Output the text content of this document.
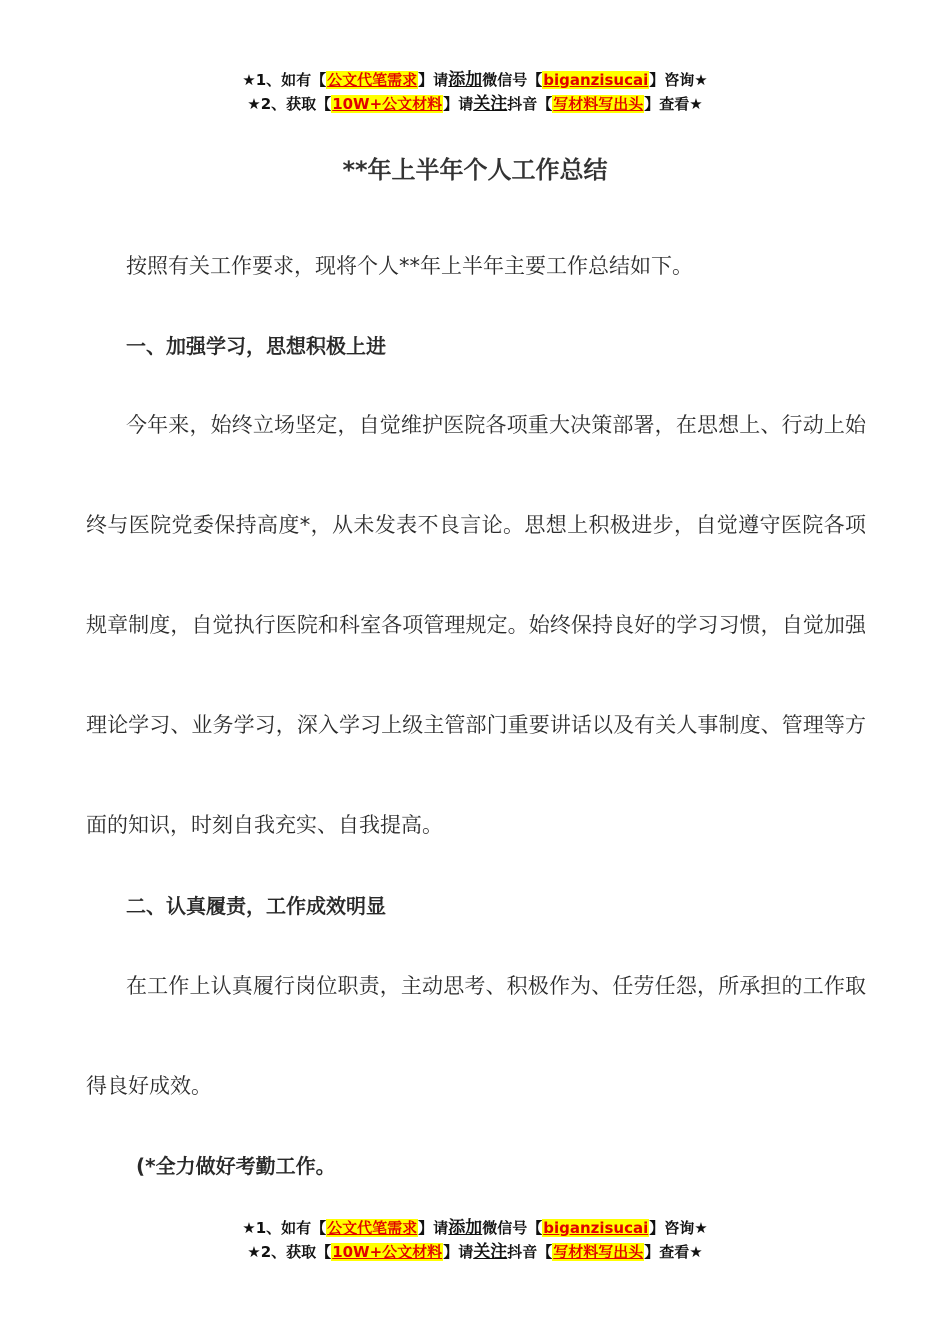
★1、如有【公文代笔需求】请添加微信号【biganzisucai】咨询★
★2、获取【10W+公文材料】请关注抖音【写材料写出头】查看★
**年上半年个人工作总结

按照有关工作要求，现将个人**年上半年主要工作总结如下。

一、加强学习，思想积极上进

今年来，始终立场坚定，自觉维护医院各项重大决策部署，在思想上、行动上始终与医院党委保持高度*，从未发表不良言论。思想上积极进步，自觉遵守医院各项规章制度，自觉执行医院和科室各项管理规定。始终保持良好的学习习惯，自觉加强理论学习、业务学习，深入学习上级主管部门重要讲话以及有关人事制度、管理等方面的知识，时刻自我充实、自我提高。

二、认真履责，工作成效明显

在工作上认真履行岗位职责，主动思考、积极作为、任劳任怨，所承担的工作取得良好成效。

(*全力做好考勤工作。

★1、如有【公文代笔需求】请添加微信号【biganzisucai】咨询★
★2、获取【10W+公文材料】请关注抖音【写材料写出头】查看★
